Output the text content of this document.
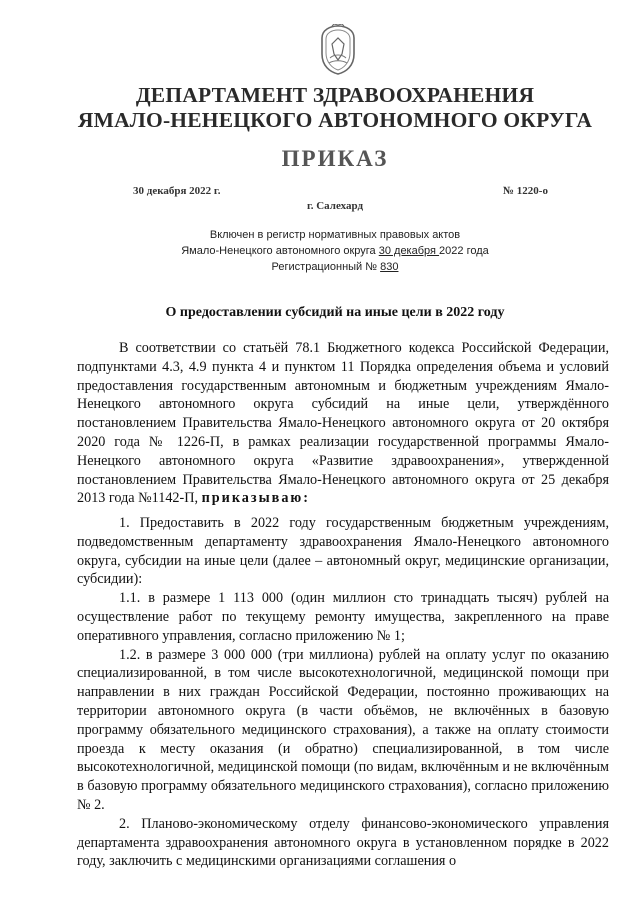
ДЕПАРТАМЕНТ ЗДРАВООХРАНЕНИЯ
ЯМАЛО-НЕНЕЦКОГО АВТОНОМНОГО ОКРУГА
ПРИКАЗ
30 декабря 2022 г.	№ 1220-о
г. Салехард
Включен в регистр нормативных правовых актов
Ямало-Ненецкого автономного округа 30 декабря 2022 года
Регистрационный № 830
О предоставлении субсидий на иные цели в 2022 году

В соответствии со статьёй 78.1 Бюджетного кодекса Российской Федерации, подпунктами 4.3, 4.9 пункта 4 и пунктом 11 Порядка определения объема и условий предоставления государственным автономным и бюджетным учреждениям Ямало-Ненецкого автономного округа субсидий на иные цели, утверждённого постановлением Правительства Ямало-Ненецкого автономного округа от 20 октября 2020 года № 1226-П, в рамках реализации государственной программы Ямало-Ненецкого автономного округа «Развитие здравоохранения», утвержденной постановлением Правительства Ямало-Ненецкого автономного округа от 25 декабря 2013 года №1142-П, приказываю:

1. Предоставить в 2022 году государственным бюджетным учреждениям, подведомственным департаменту здравоохранения Ямало-Ненецкого автономного округа, субсидии на иные цели (далее – автономный округ, медицинские организации, субсидии):

1.1. в размере 1 113 000 (один миллион сто тринадцать тысяч) рублей на осуществление работ по текущему ремонту имущества, закрепленного на праве оперативного управления, согласно приложению № 1;

1.2. в размере 3 000 000 (три миллиона) рублей на оплату услуг по оказанию специализированной, в том числе высокотехнологичной, медицинской помощи при направлении в них граждан Российской Федерации, постоянно проживающих на территории автономного округа (в части объёмов, не включённых в базовую программу обязательного медицинского страхования), а также на оплату стоимости проезда к месту оказания (и обратно) специализированной, в том числе высокотехнологичной, медицинской помощи (по видам, включённым и не включённым в базовую программу обязательного медицинского страхования), согласно приложению № 2.

2. Планово-экономическому отделу финансово-экономического управления департамента здравоохранения автономного округа в установленном порядке в 2022 году, заключить с медицинскими организациями соглашения о
